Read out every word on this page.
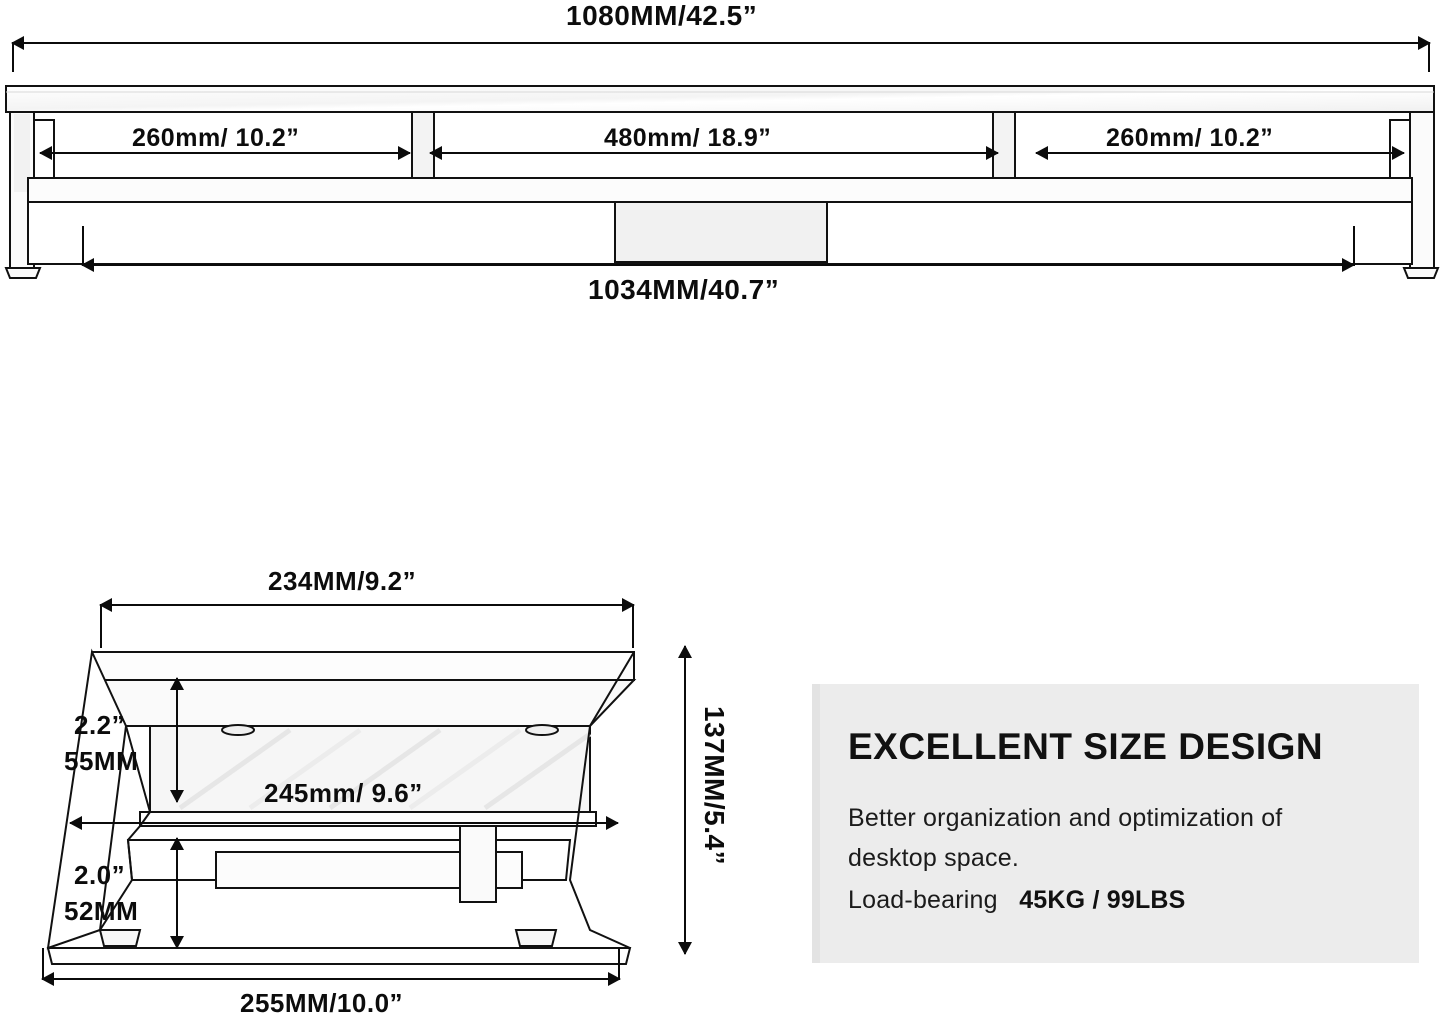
1080MM/42.5”
260mm/ 10.2”	480mm/ 18.9”	260mm/ 10.2”
1034MM/40.7”
234MM/9.2”
2.2”
55MM
245mm/ 9.6”
2.0”
52MM
255MM/10.0”
137MM/5.4”	EXCELLENT SIZE DESIGN
Better organization and optimization of
desktop space.
Load-bearing 45KG / 99LBS
